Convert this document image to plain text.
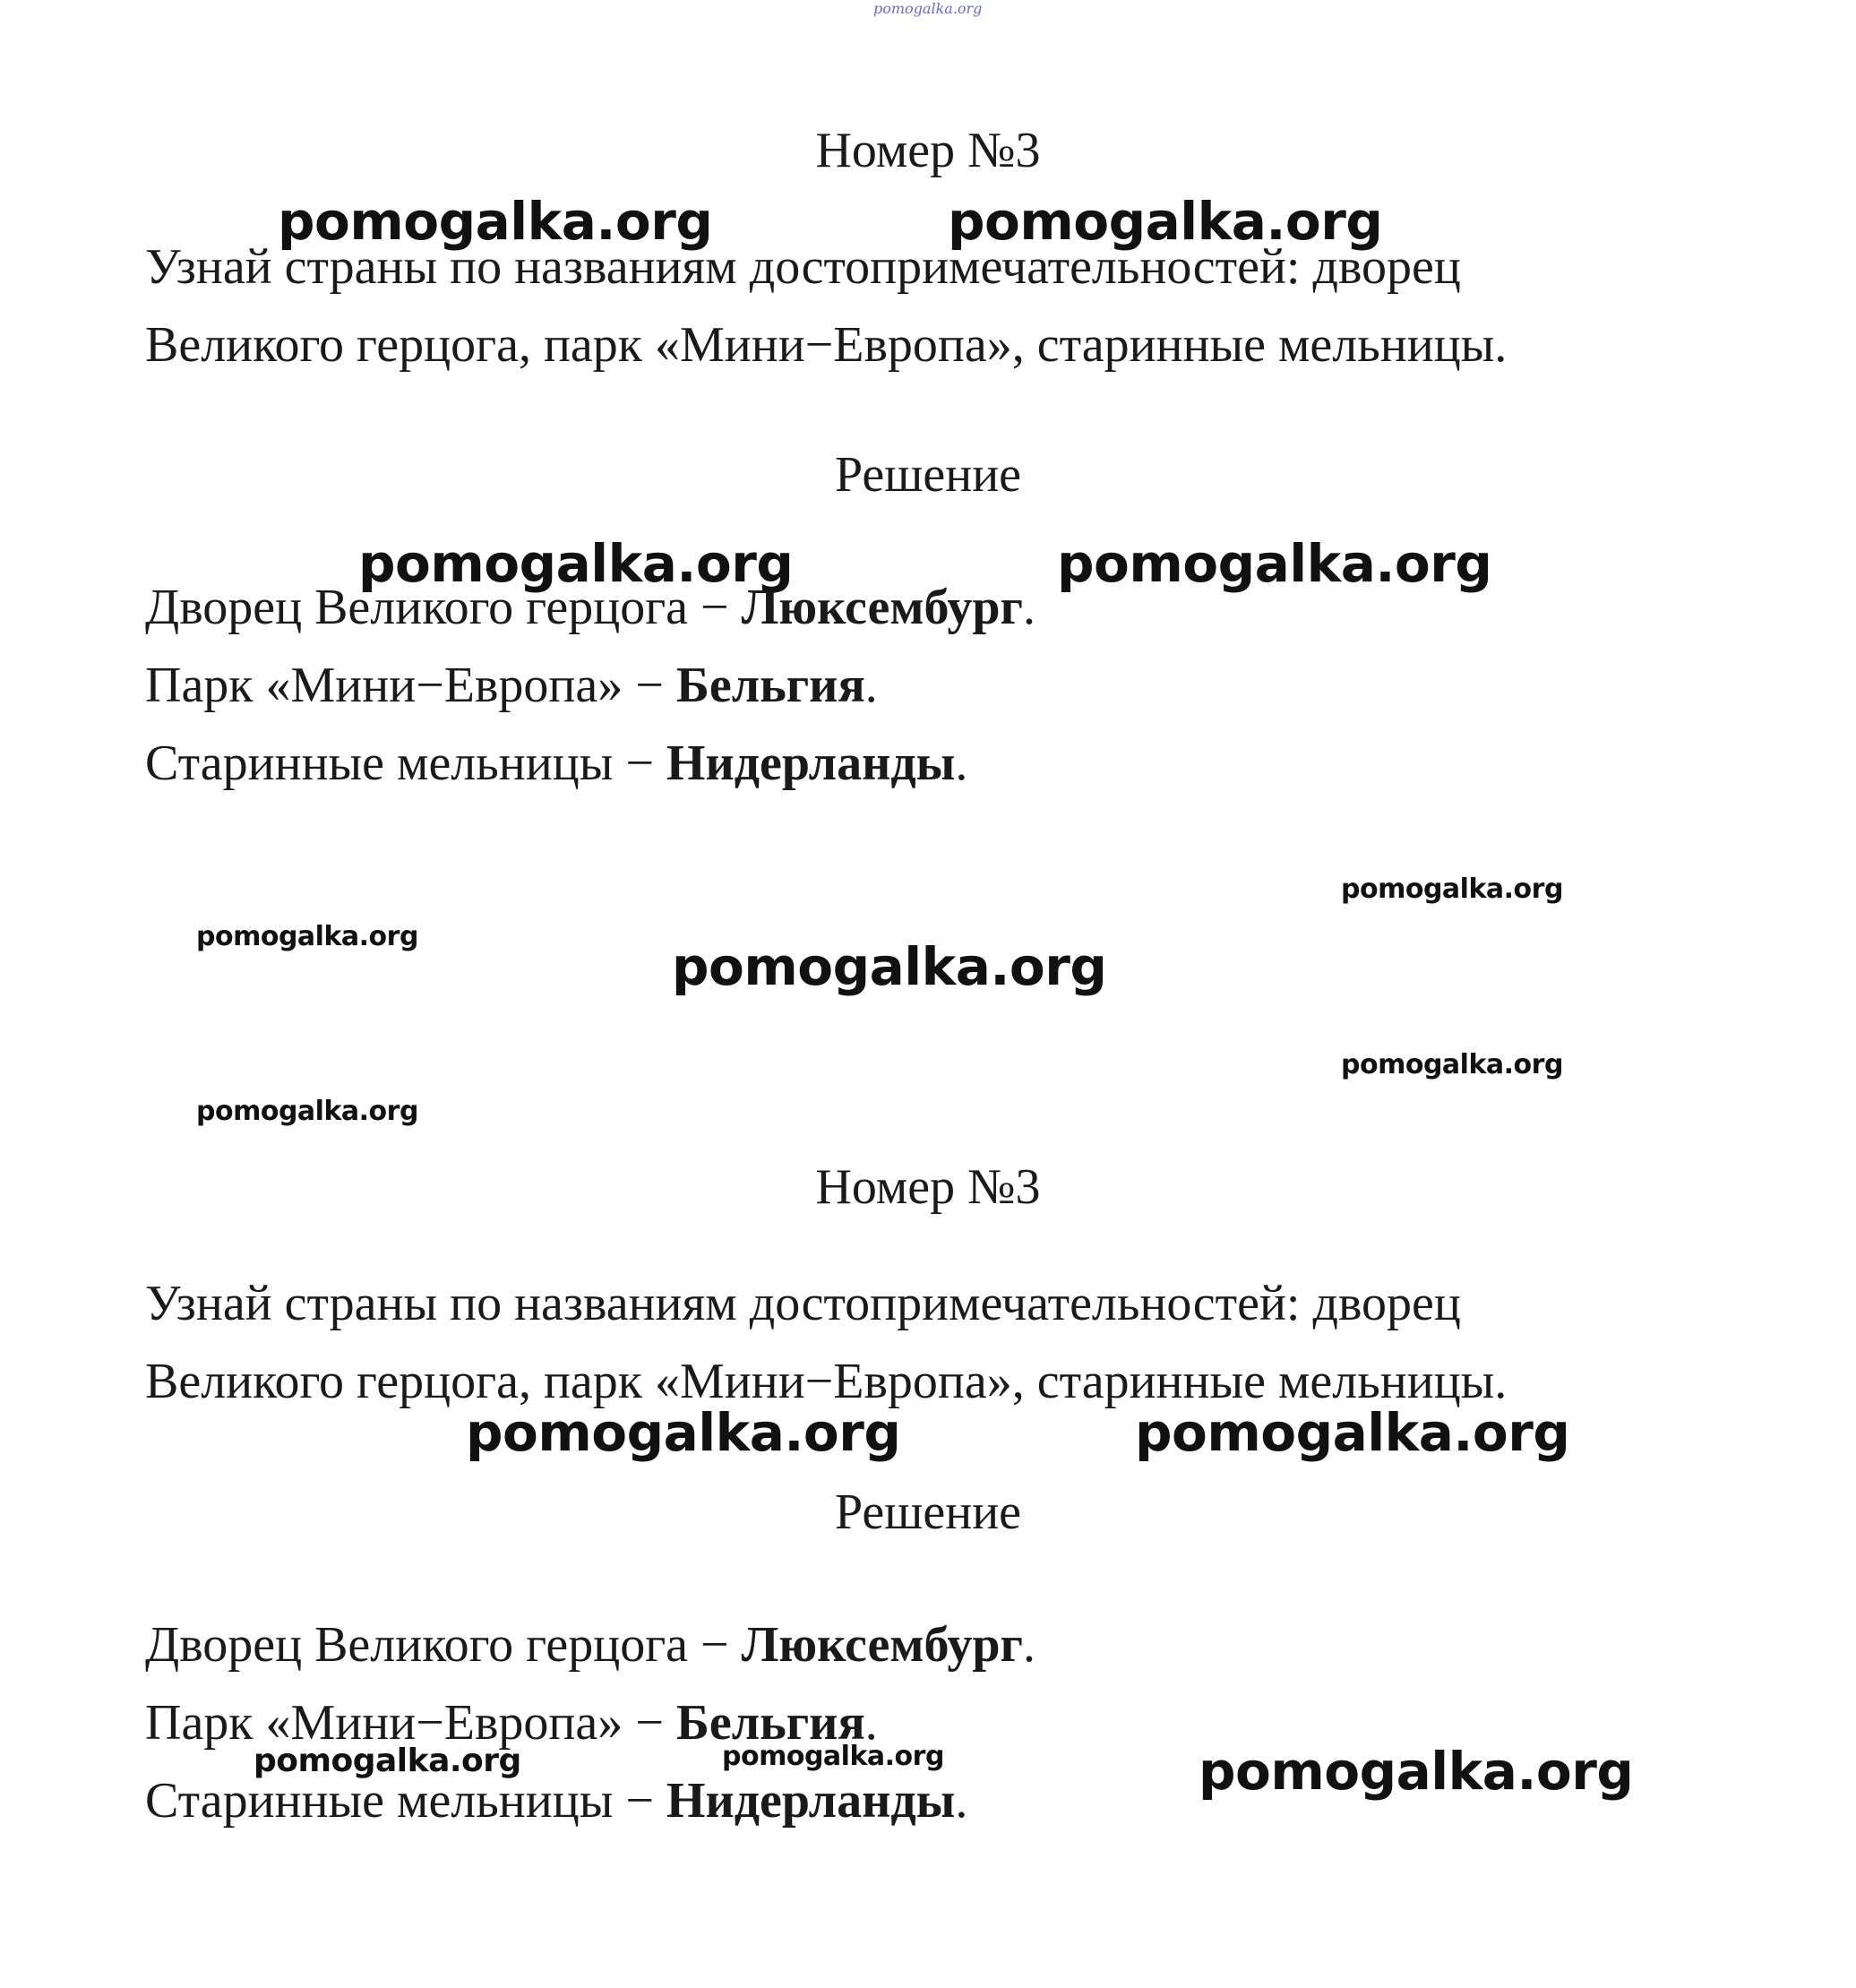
pomogalka.org
Номер №3
Узнай страны по названиям достопримечательностей: дворец
Великого герцога, парк «Мини−Европа», старинные мельницы.
Решение
Дворец Великого герцога − Люксембург.
Парк «Мини−Европа» − Бельгия.
Старинные мельницы − Нидерланды.
Номер №3
Узнай страны по названиям достопримечательностей: дворец
Великого герцога, парк «Мини−Европа», старинные мельницы.
Решение
Дворец Великого герцога − Люксембург.
Парк «Мини−Европа» − Бельгия.
Старинные мельницы − Нидерланды.
pomogalka.org	pomogalka.org
pomogalka.org	pomogalka.org
pomogalka.org
pomogalka.org	pomogalka.org
pomogalka.org
pomogalka.org
pomogalka.org	pomogalka.org
pomogalka.org	pomogalka.org	pomogalka.org
